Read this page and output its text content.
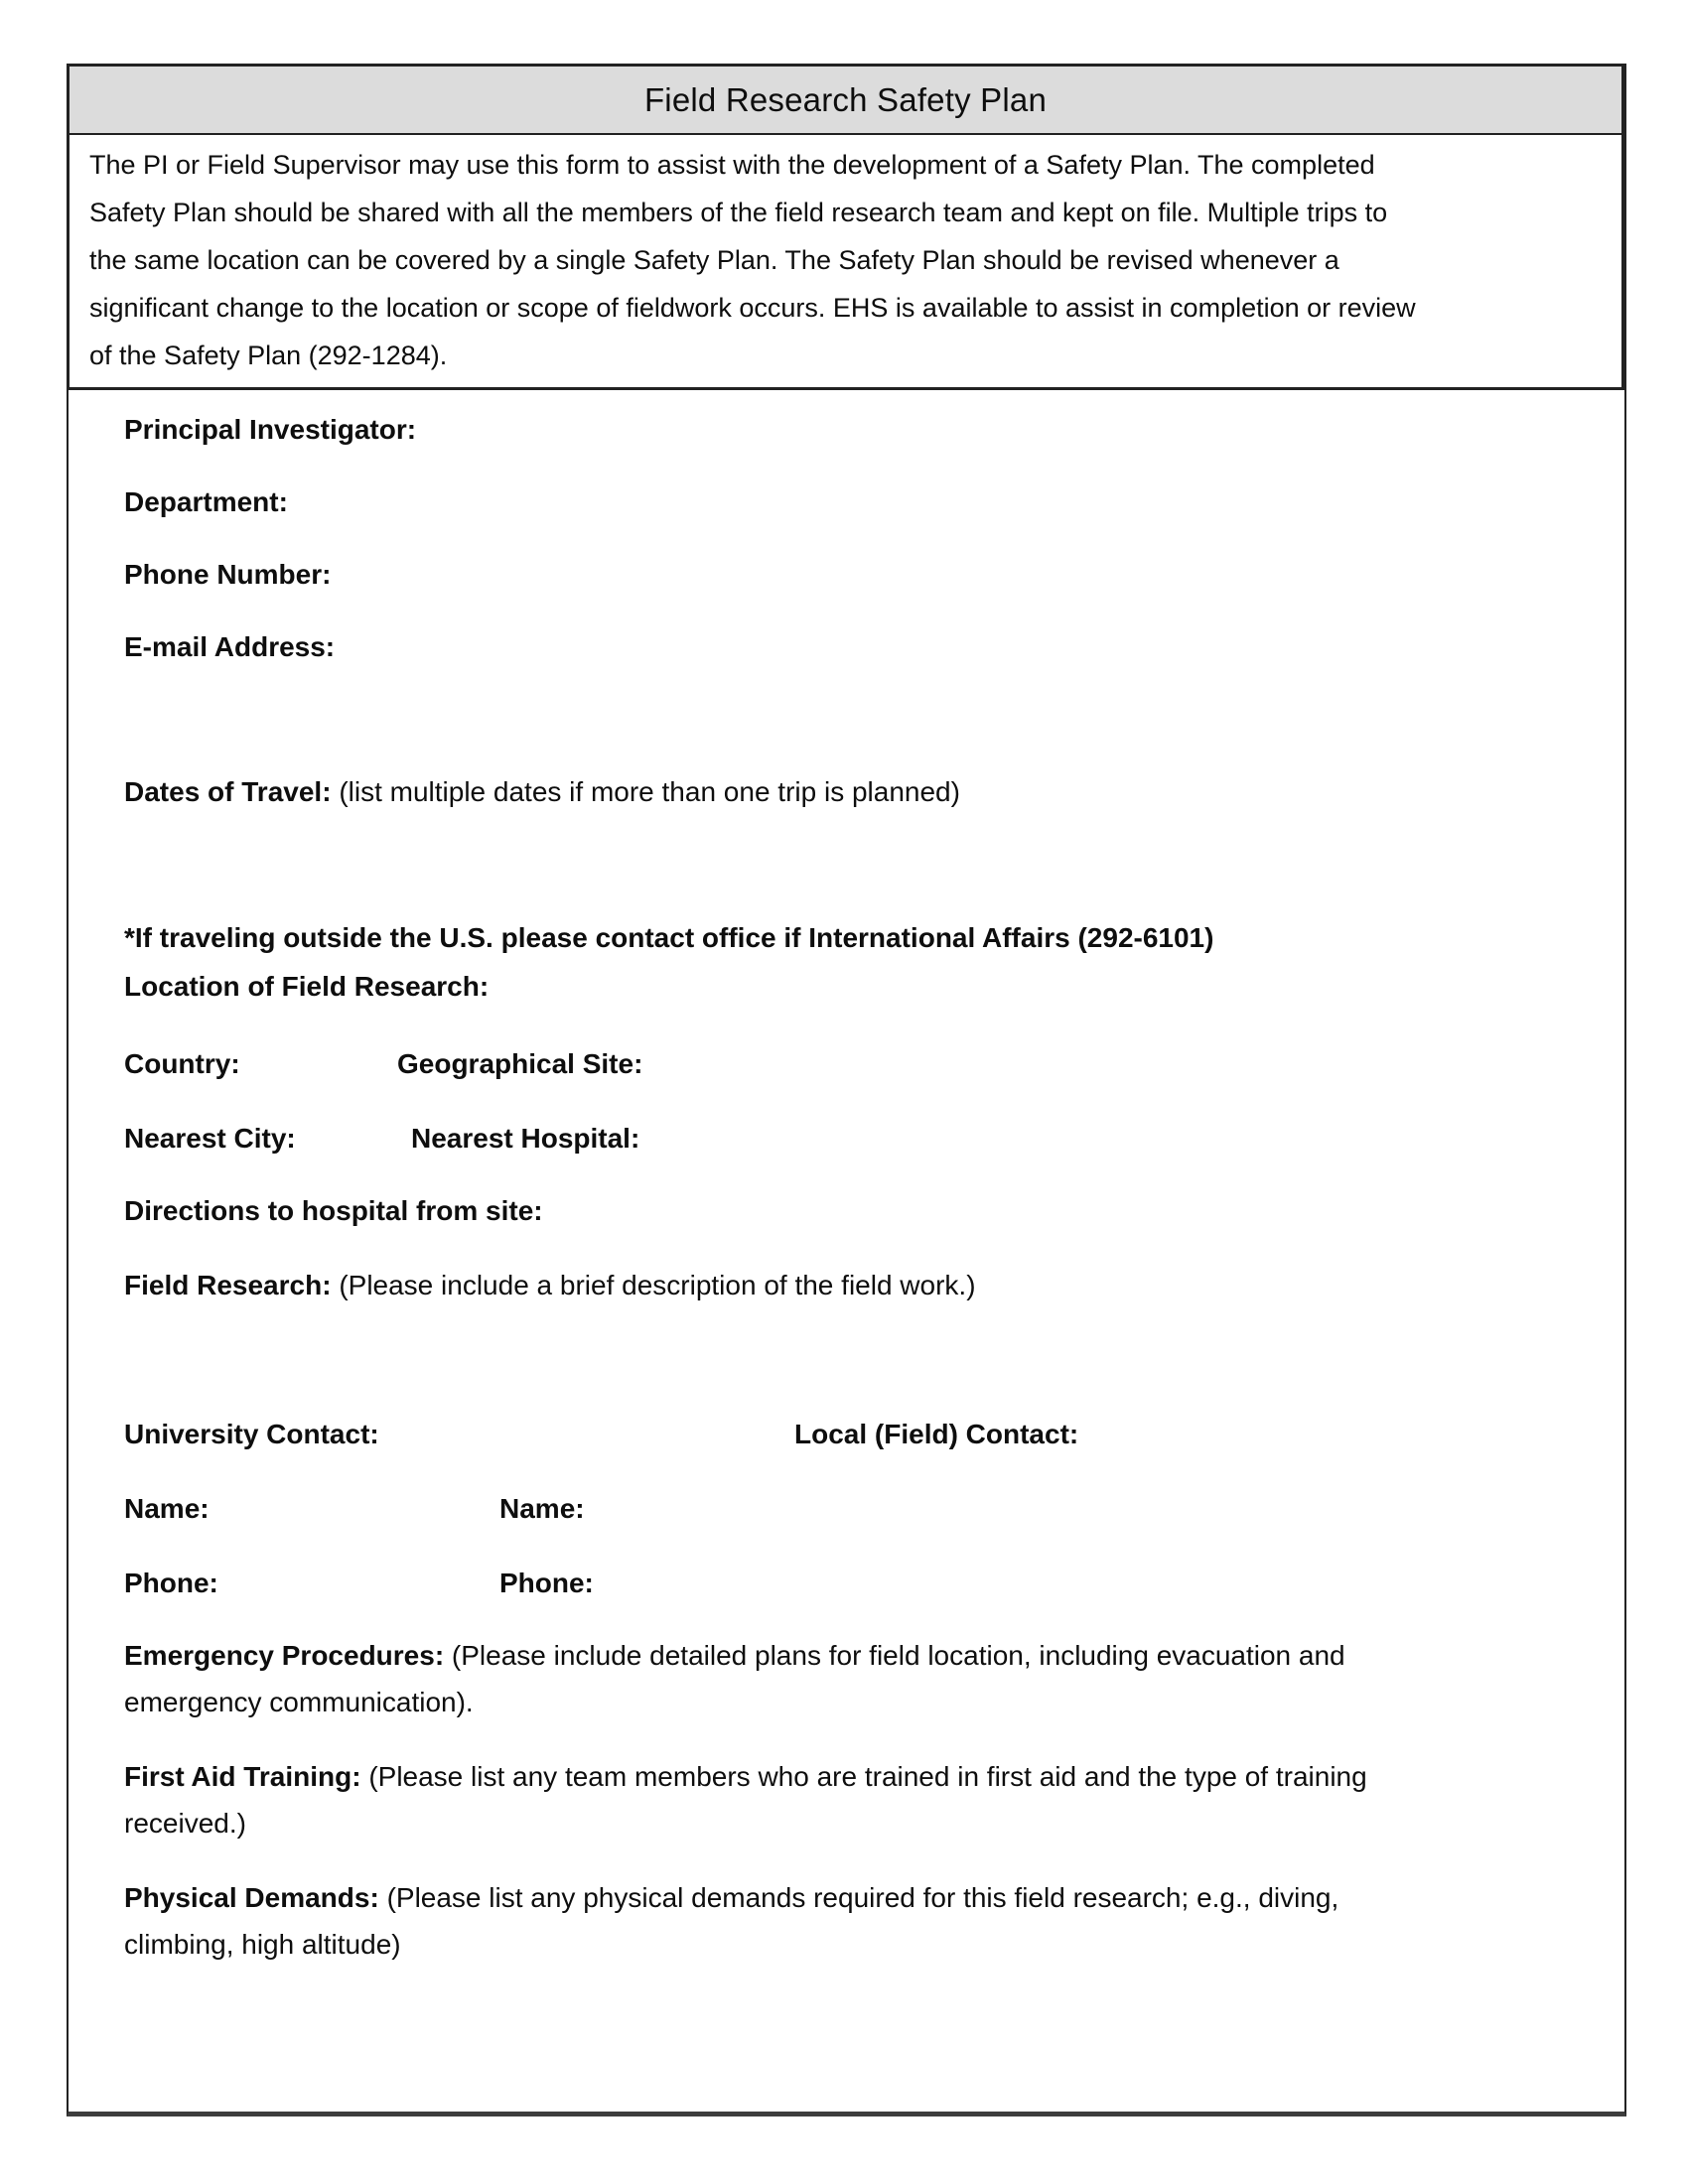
Field Research Safety Plan
The PI or Field Supervisor may use this form to assist with the development of a Safety Plan. The completed
Safety Plan should be shared with all the members of the field research team and kept on file. Multiple trips to
the same location can be covered by a single Safety Plan. The Safety Plan should be revised whenever a
significant change to the location or scope of fieldwork occurs. EHS is available to assist in completion or review
of the Safety Plan (292-1284).
Principal Investigator:
Department:
Phone Number:
E-mail Address:
Dates of Travel: (list multiple dates if more than one trip is planned)
*If traveling outside the U.S. please contact office if International Affairs (292-6101)
Location of Field Research:
Country:	Geographical Site:
Nearest City:	Nearest Hospital:
Directions to hospital from site:
Field Research: (Please include a brief description of the field work.)
University Contact:	Local (Field) Contact:
Name:	Name:
Phone:	Phone:
Emergency Procedures: (Please include detailed plans for field location, including evacuation and
emergency communication).
First Aid Training: (Please list any team members who are trained in first aid and the type of training
received.)
Physical Demands: (Please list any physical demands required for this field research; e.g., diving,
climbing, high altitude)
